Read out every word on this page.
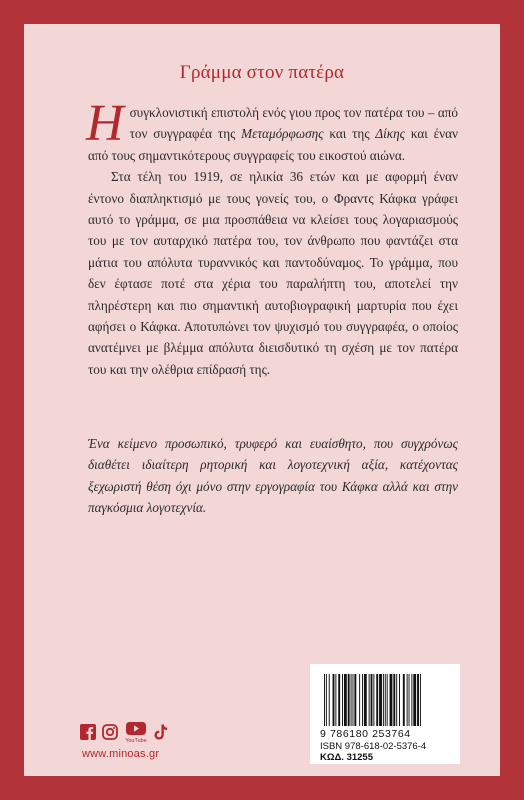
Γράμμα στον πατέρα

Ησυγκλονιστική επιστολή ενός γιου προς τον πατέρα του – από τον συγγραφέα της Μεταμόρφωσης και της Δίκης και έναν από τους σημαντικότερους συγγραφείς του εικοστού αιώνα.

Στα τέλη του 1919, σε ηλικία 36 ετών και με αφορμή έναν έντονο διαπληκτισμό με τους γονείς του, ο Φραντς Κάφκα γράφει αυτό το γράμμα, σε μια προσπάθεια να κλείσει τους λογαριασμούς του με τον αυταρχικό πατέρα του, τον άνθρωπο που φαντάζει στα μάτια του απόλυτα τυραννικός και παντοδύναμος. Το γράμμα, που δεν έφτασε ποτέ στα χέρια του παραλήπτη του, αποτελεί την πληρέστερη και πιο σημαντική αυτοβιογραφική μαρτυρία που έχει αφήσει ο Κάφκα. Αποτυπώνει τον ψυχισμό του συγγραφέα, ο οποίος ανατέμνει με βλέμμα απόλυτα διεισδυτικό τη σχέση με τον πατέρα του και την ολέθρια επίδρασή της.

Ένα κείμενο προσωπικό, τρυφερό και ευαίσθητο, που συγχρόνως διαθέτει ιδιαίτερη ρητορική και λογοτεχνική αξία, κατέχοντας ξεχωριστή θέση όχι μόνο στην εργογραφία του Κάφκα αλλά και στην παγκόσμια λογοτεχνία.
YouTube
www.minoas.gr
9 786180 253764
ISBN 978-618-02-5376-4
ΚΩΔ. 31255
